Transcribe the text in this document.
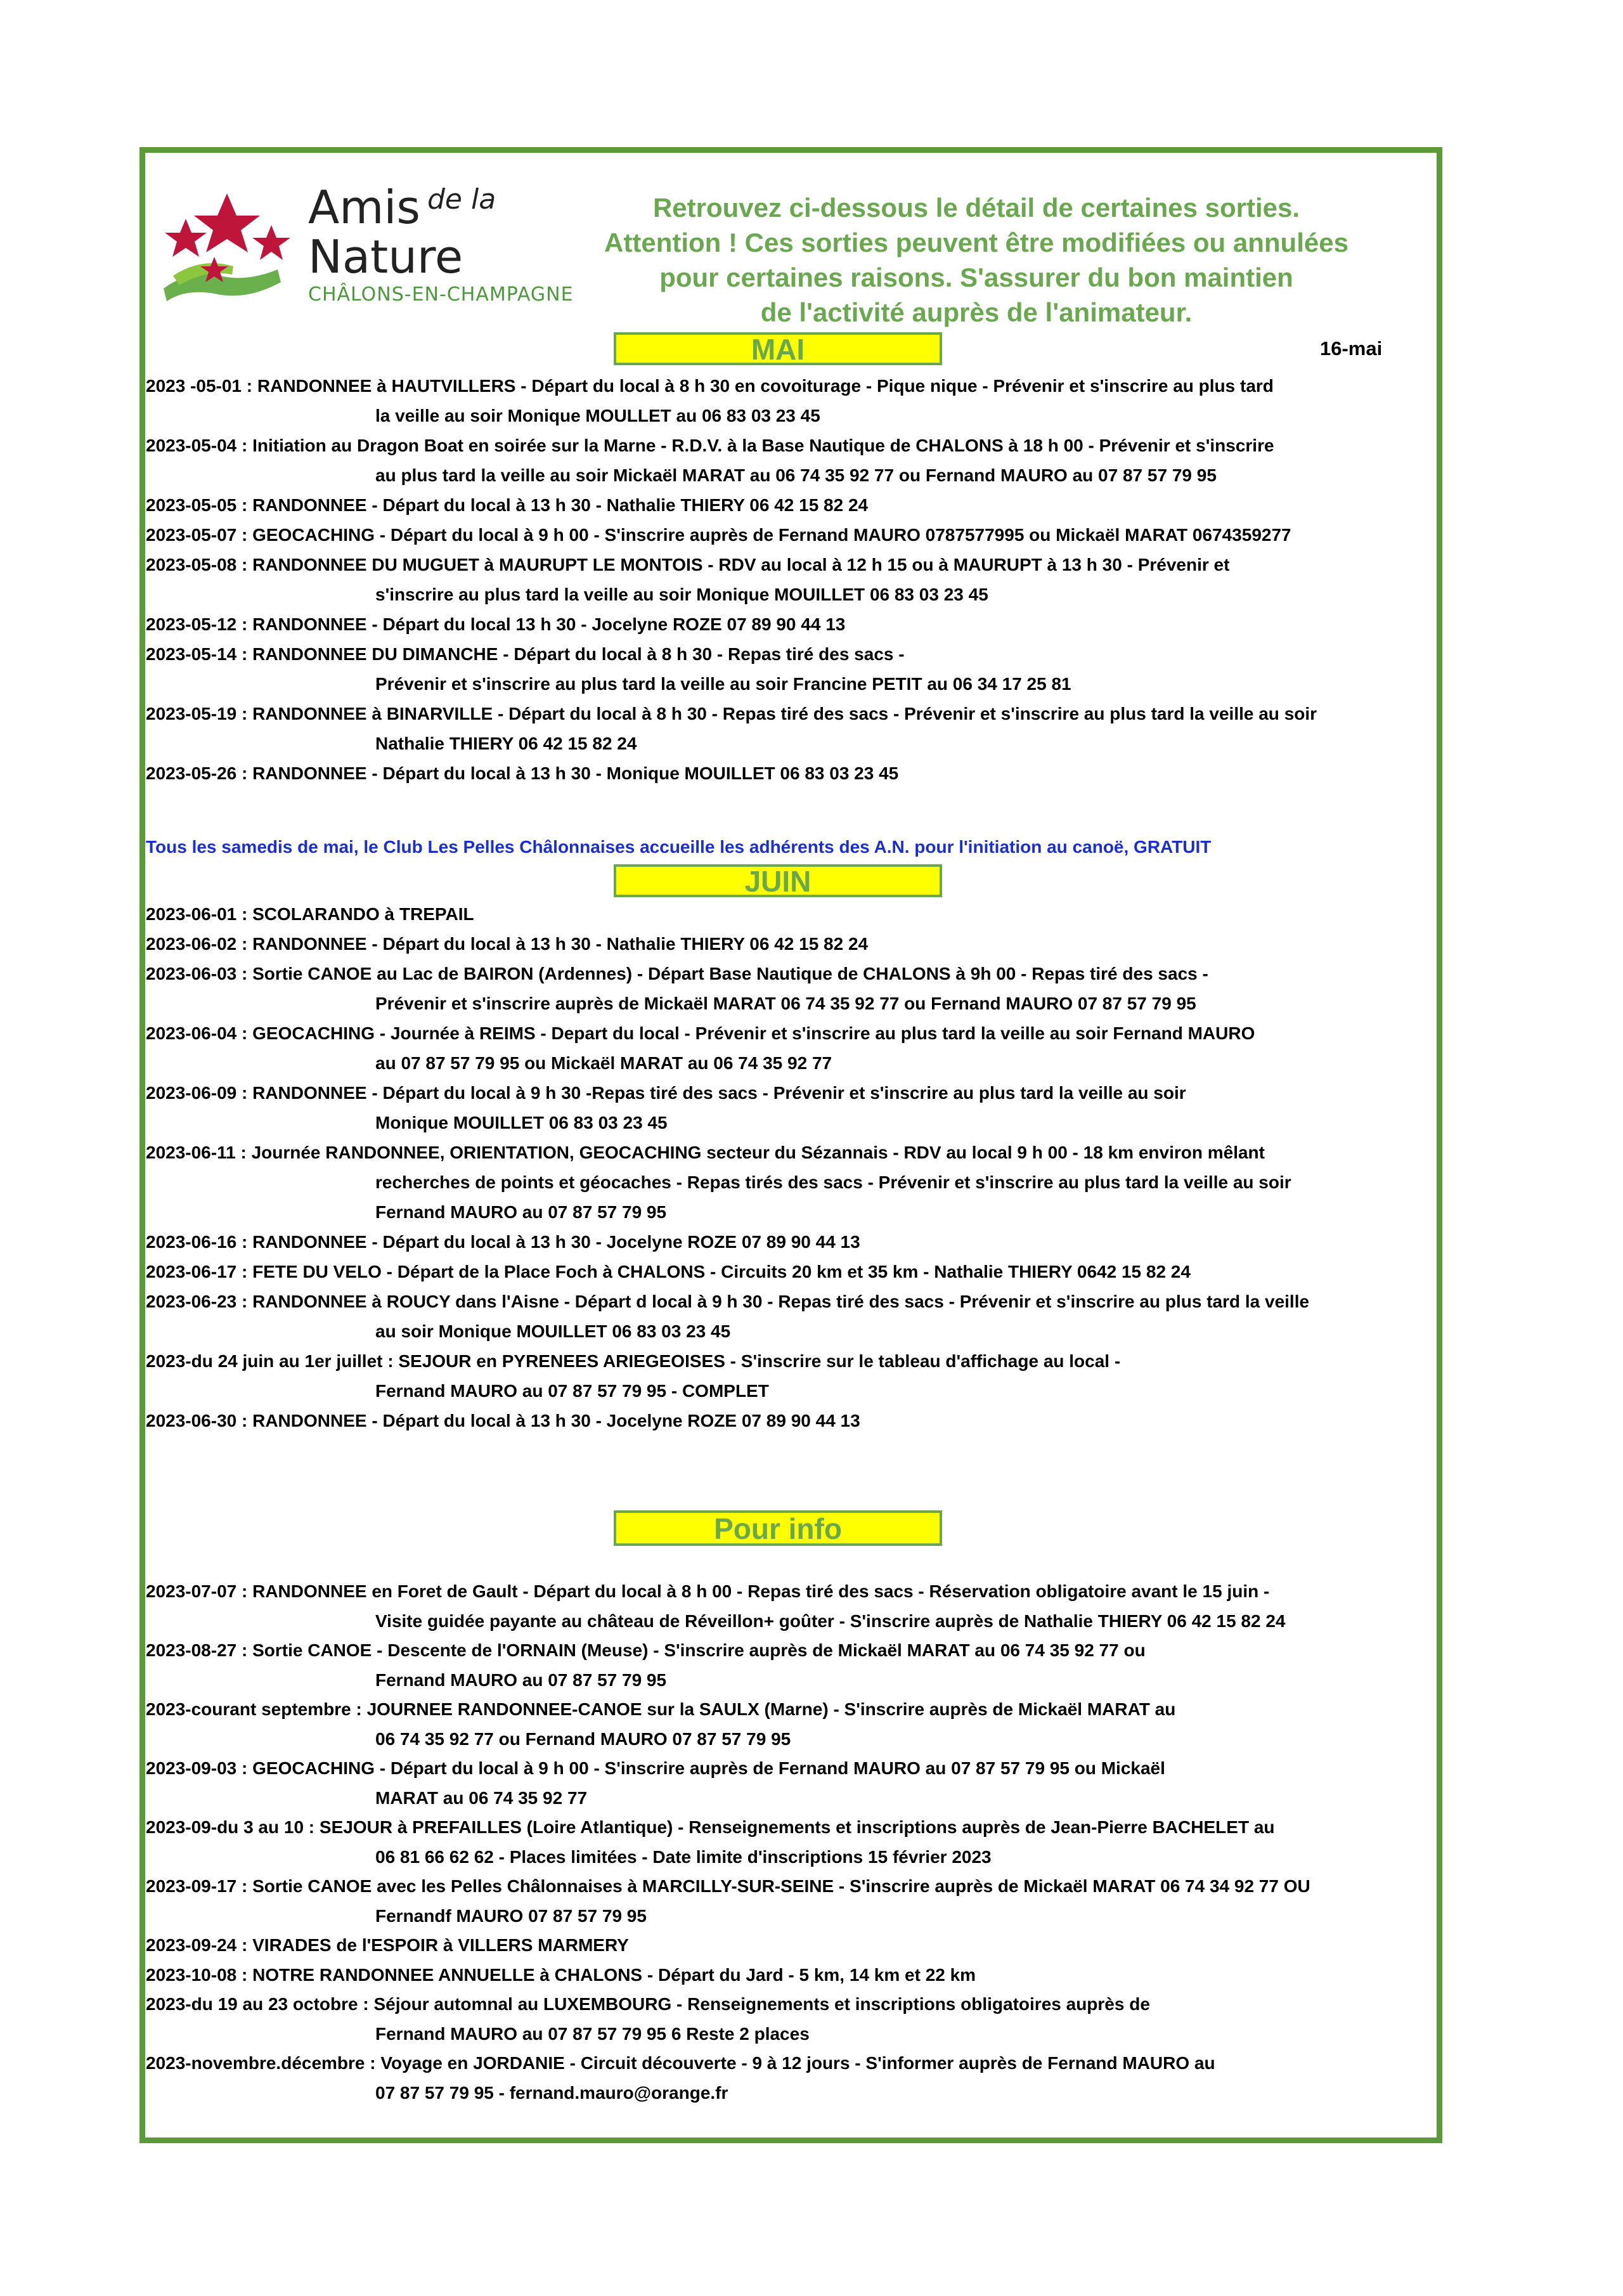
Amis de la
Nature
CHÂLONS-EN-CHAMPAGNE
Retrouvez ci-dessous le détail de certaines sorties.
Attention ! Ces sorties peuvent être modifiées ou annulées
pour certaines raisons. S'assurer du bon maintien
de l'activité auprès de l'animateur.
MAI	16-mai
2023 -05-01 : RANDONNEE à HAUTVILLERS - Départ du local à 8 h 30 en covoiturage - Pique nique - Prévenir et s'inscrire au plus tard
la veille au soir Monique MOULLET au 06 83 03 23 45
2023-05-04 : Initiation au Dragon Boat en soirée sur la Marne - R.D.V. à la Base Nautique de CHALONS à 18 h 00 - Prévenir et s'inscrire
au plus tard la veille au soir Mickaël MARAT au 06 74 35 92 77 ou Fernand MAURO au 07 87 57 79 95
2023-05-05 : RANDONNEE - Départ du local à 13 h 30 - Nathalie THIERY 06 42 15 82 24
2023-05-07 : GEOCACHING - Départ du local à 9 h 00 - S'inscrire auprès de Fernand MAURO 0787577995 ou Mickaël MARAT 0674359277
2023-05-08 : RANDONNEE DU MUGUET à MAURUPT LE MONTOIS - RDV au local à 12 h 15 ou à MAURUPT à 13 h 30 - Prévenir et
s'inscrire au plus tard la veille au soir Monique MOUILLET 06 83 03 23 45
2023-05-12 : RANDONNEE - Départ du local 13 h 30 - Jocelyne ROZE 07 89 90 44 13
2023-05-14 : RANDONNEE DU DIMANCHE - Départ du local à 8 h 30 - Repas tiré des sacs -
Prévenir et s'inscrire au plus tard la veille au soir Francine PETIT au 06 34 17 25 81
2023-05-19 : RANDONNEE à BINARVILLE - Départ du local à 8 h 30 - Repas tiré des sacs - Prévenir et s'inscrire au plus tard la veille au soir
Nathalie THIERY 06 42 15 82 24
2023-05-26 : RANDONNEE - Départ du local à 13 h 30 - Monique MOUILLET 06 83 03 23 45
Tous les samedis de mai, le Club Les Pelles Châlonnaises accueille les adhérents des A.N. pour l'initiation au canoë, GRATUIT
JUIN
2023-06-01 : SCOLARANDO à TREPAIL
2023-06-02 : RANDONNEE - Départ du local à 13 h 30 - Nathalie THIERY 06 42 15 82 24
2023-06-03 : Sortie CANOE au Lac de BAIRON (Ardennes) - Départ Base Nautique de CHALONS à 9h 00 - Repas tiré des sacs -
Prévenir et s'inscrire auprès de Mickaël MARAT 06 74 35 92 77 ou Fernand MAURO 07 87 57 79 95
2023-06-04 : GEOCACHING - Journée à REIMS - Depart du local - Prévenir et s'inscrire au plus tard la veille au soir Fernand MAURO
au 07 87 57 79 95 ou Mickaël MARAT au 06 74 35 92 77
2023-06-09 : RANDONNEE - Départ du local à 9 h 30 -Repas tiré des sacs - Prévenir et s'inscrire au plus tard la veille au soir
Monique MOUILLET 06 83 03 23 45
2023-06-11 : Journée RANDONNEE, ORIENTATION, GEOCACHING secteur du Sézannais - RDV au local 9 h 00 - 18 km environ mêlant
recherches de points et géocaches - Repas tirés des sacs - Prévenir et s'inscrire au plus tard la veille au soir
Fernand MAURO au 07 87 57 79 95
2023-06-16 : RANDONNEE - Départ du local à 13 h 30 - Jocelyne ROZE 07 89 90 44 13
2023-06-17 : FETE DU VELO - Départ de la Place Foch à CHALONS - Circuits 20 km et 35 km - Nathalie THIERY 0642 15 82 24
2023-06-23 : RANDONNEE à ROUCY dans l'Aisne - Départ d local à 9 h 30 - Repas tiré des sacs - Prévenir et s'inscrire au plus tard la veille
au soir Monique MOUILLET 06 83 03 23 45
2023-du 24 juin au 1er juillet : SEJOUR en PYRENEES ARIEGEOISES - S'inscrire sur le tableau d'affichage au local -
Fernand MAURO au 07 87 57 79 95 - COMPLET
2023-06-30 : RANDONNEE - Départ du local à 13 h 30 - Jocelyne ROZE 07 89 90 44 13
Pour info
2023-07-07 : RANDONNEE en Foret de Gault - Départ du local à 8 h 00 - Repas tiré des sacs - Réservation obligatoire avant le 15 juin -
Visite guidée payante au château de Réveillon+ goûter - S'inscrire auprès de Nathalie THIERY 06 42 15 82 24
2023-08-27 : Sortie CANOE - Descente de l'ORNAIN (Meuse) - S'inscrire auprès de Mickaël MARAT au 06 74 35 92 77 ou
Fernand MAURO au 07 87 57 79 95
2023-courant septembre : JOURNEE RANDONNEE-CANOE sur la SAULX (Marne) - S'inscrire auprès de Mickaël MARAT au
06 74 35 92 77 ou Fernand MAURO 07 87 57 79 95
2023-09-03 : GEOCACHING - Départ du local à 9 h 00 - S'inscrire auprès de Fernand MAURO au 07 87 57 79 95 ou Mickaël
MARAT au 06 74 35 92 77
2023-09-du 3 au 10 : SEJOUR à PREFAILLES (Loire Atlantique) - Renseignements et inscriptions auprès de Jean-Pierre BACHELET au
06 81 66 62 62 - Places limitées - Date limite d'inscriptions 15 février 2023
2023-09-17 : Sortie CANOE avec les Pelles Châlonnaises à MARCILLY-SUR-SEINE - S'inscrire auprès de Mickaël MARAT 06 74 34 92 77 OU
Fernandf MAURO 07 87 57 79 95
2023-09-24 : VIRADES de l'ESPOIR à VILLERS MARMERY
2023-10-08 : NOTRE RANDONNEE ANNUELLE à CHALONS - Départ du Jard - 5 km, 14 km et 22 km
2023-du 19 au 23 octobre : Séjour automnal au LUXEMBOURG - Renseignements et inscriptions obligatoires auprès de
Fernand MAURO au 07 87 57 79 95 6 Reste 2 places
2023-novembre.décembre : Voyage en JORDANIE - Circuit découverte - 9 à 12 jours - S'informer auprès de Fernand MAURO au
07 87 57 79 95 - fernand.mauro@orange.fr
